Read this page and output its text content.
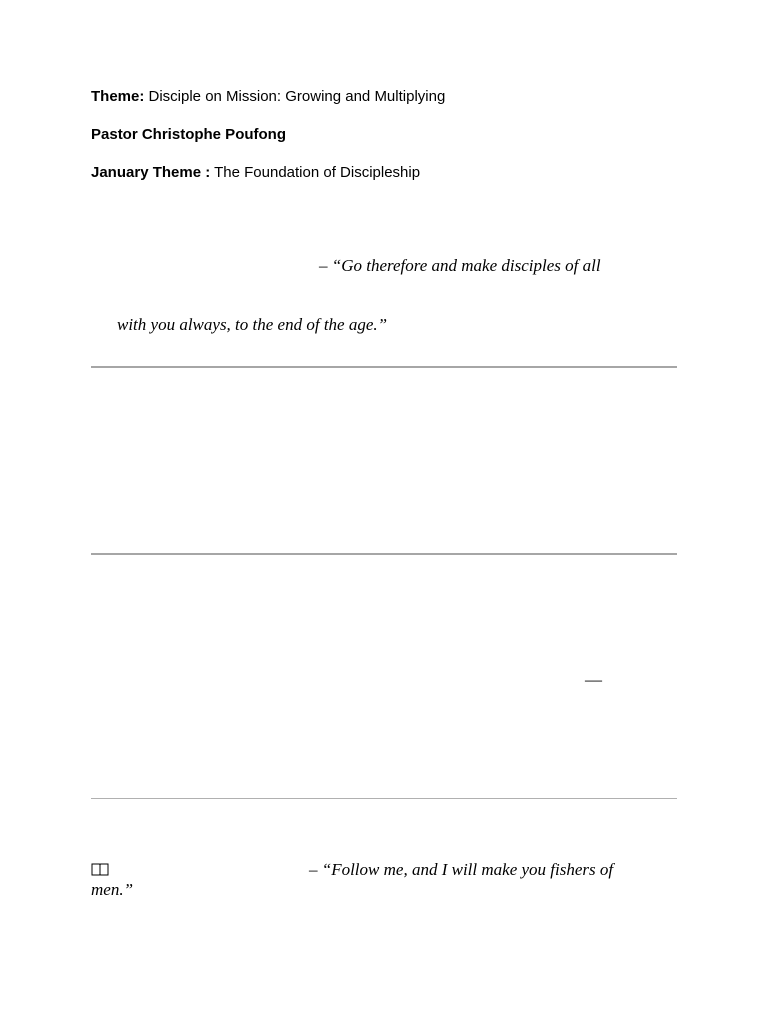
Theme: Disciple on Mission: Growing and Multiplying
Pastor Christophe Poufong
January Theme : The Foundation of Discipleship
– “Go therefore and make disciples of all
with you always, to the end of the age.”
—
– “Follow me, and I will make you fishers of
men.”
